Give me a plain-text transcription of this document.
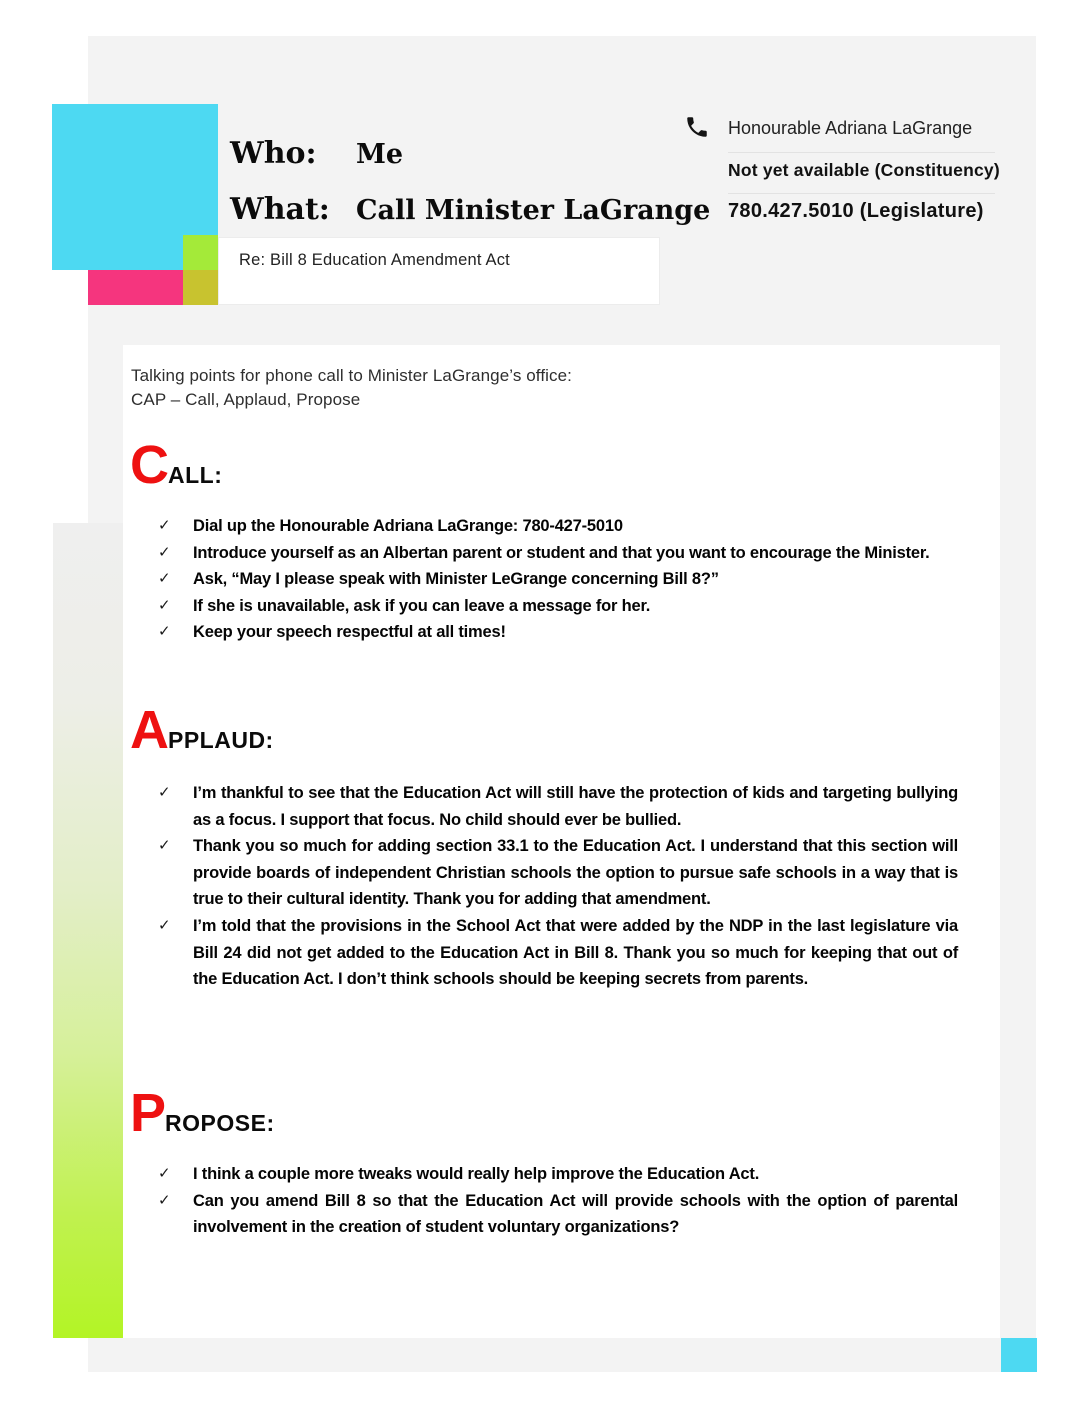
Re: Bill 8 Education Amendment Act
Who: Me
What: Call Minister LaGrange
Honourable Adriana LaGrange
Not yet available (Constituency)
780.427.5010 (Legislature)
Talking points for phone call to Minister LaGrange’s office:
CAP – Call, Applaud, Propose
CALL:
✓	Dial up the Honourable Adriana LaGrange: 780-427-5010
✓	Introduce yourself as an Albertan parent or student and that you want to encourage the Minister.
✓	Ask, “May I please speak with Minister LeGrange concerning Bill 8?”
✓	If she is unavailable, ask if you can leave a message for her.
✓	Keep your speech respectful at all times!
APPLAUD:
✓	I’m thankful to see that the Education Act will still have the protection of kids and targeting bullying as a focus. I support that focus. No child should ever be bullied.
✓	Thank you so much for adding section 33.1 to the Education Act. I understand that this section will provide boards of independent Christian schools the option to pursue safe schools in a way that is true to their cultural identity. Thank you for adding that amendment.
✓	I’m told that the provisions in the School Act that were added by the NDP in the last legislature via Bill 24 did not get added to the Education Act in Bill 8. Thank you so much for keeping that out of the Education Act. I don’t think schools should be keeping secrets from parents.
PROPOSE:
✓	I think a couple more tweaks would really help improve the Education Act.
✓	Can you amend Bill 8 so that the Education Act will provide schools with the option of parental involvement in the creation of student voluntary organizations?
